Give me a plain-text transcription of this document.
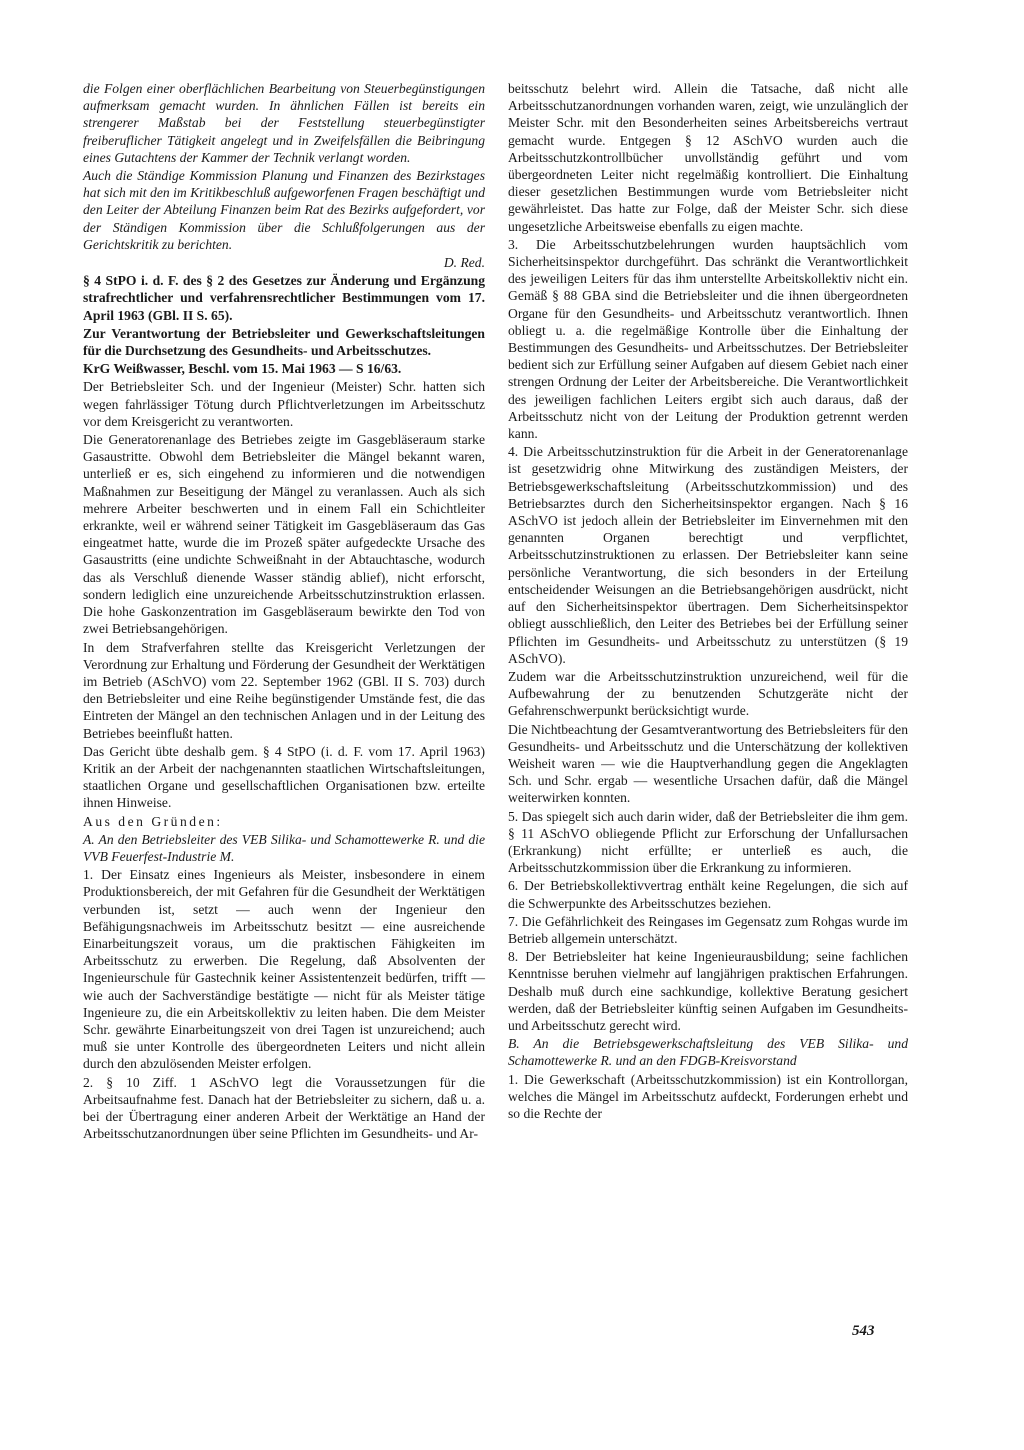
die Folgen einer oberflächlichen Bearbeitung von Steuerbegünstigungen aufmerksam gemacht wurden. In ähnlichen Fällen ist bereits ein strengerer Maßstab bei der Feststellung steuerbegünstigter freiberuflicher Tätigkeit angelegt und in Zweifelsfällen die Beibringung eines Gutachtens der Kammer der Technik verlangt worden.

Auch die Ständige Kommission Planung und Finanzen des Bezirkstages hat sich mit den im Kritikbeschluß aufgeworfenen Fragen beschäftigt und den Leiter der Abteilung Finanzen beim Rat des Bezirks aufgefordert, vor der Ständigen Kommission über die Schlußfolgerungen aus der Gerichtskritik zu berichten.

D. Red.

§ 4 StPO i. d. F. des § 2 des Gesetzes zur Änderung und Ergänzung strafrechtlicher und verfahrensrechtlicher Bestimmungen vom 17. April 1963 (GBl. II S. 65).

Zur Verantwortung der Betriebsleiter und Gewerkschaftsleitungen für die Durchsetzung des Gesundheits- und Arbeitsschutzes.

KrG Weißwasser, Beschl. vom 15. Mai 1963 — S 16/63.

Der Betriebsleiter Sch. und der Ingenieur (Meister) Schr. hatten sich wegen fahrlässiger Tötung durch Pflichtverletzungen im Arbeitsschutz vor dem Kreisgericht zu verantworten.

Die Generatorenanlage des Betriebes zeigte im Gasgebläseraum starke Gasaustritte. Obwohl dem Betriebsleiter die Mängel bekannt waren, unterließ er es, sich eingehend zu informieren und die notwendigen Maßnahmen zur Beseitigung der Mängel zu veranlassen. Auch als sich mehrere Arbeiter beschwerten und in einem Fall ein Schichtleiter erkrankte, weil er während seiner Tätigkeit im Gasgebläseraum das Gas eingeatmet hatte, wurde die im Prozeß später aufgedeckte Ursache des Gasaustritts (eine undichte Schweißnaht in der Abtauchtasche, wodurch das als Verschluß dienende Wasser ständig ablief), nicht erforscht, sondern lediglich eine unzureichende Arbeitsschutzinstruktion erlassen. Die hohe Gaskonzentration im Gasgebläseraum bewirkte den Tod von zwei Betriebsangehörigen.

In dem Strafverfahren stellte das Kreisgericht Verletzungen der Verordnung zur Erhaltung und Förderung der Gesundheit der Werktätigen im Betrieb (ASchVO) vom 22. September 1962 (GBl. II S. 703) durch den Betriebsleiter und eine Reihe begünstigender Umstände fest, die das Eintreten der Mängel an den technischen Anlagen und in der Leitung des Betriebes beeinflußt hatten.

Das Gericht übte deshalb gem. § 4 StPO (i. d. F. vom 17. April 1963) Kritik an der Arbeit der nachgenannten staatlichen Wirtschaftsleitungen, staatlichen Organe und gesellschaftlichen Organisationen bzw. erteilte ihnen Hinweise.

Aus den Gründen:

A. An den Betriebsleiter des VEB Silika- und Schamottewerke R. und die VVB Feuerfest-Industrie M.

1. Der Einsatz eines Ingenieurs als Meister, insbesondere in einem Produktionsbereich, der mit Gefahren für die Gesundheit der Werktätigen verbunden ist, setzt — auch wenn der Ingenieur den Befähigungsnachweis im Arbeitsschutz besitzt — eine ausreichende Einarbeitungszeit voraus, um die praktischen Fähigkeiten im Arbeitsschutz zu erwerben. Die Regelung, daß Absolventen der Ingenieurschule für Gastechnik keiner Assistentenzeit bedürfen, trifft — wie auch der Sachverständige bestätigte — nicht für als Meister tätige Ingenieure zu, die ein Arbeitskollektiv zu leiten haben. Die dem Meister Schr. gewährte Einarbeitungszeit von drei Tagen ist unzureichend; auch muß sie unter Kontrolle des übergeordneten Leiters und nicht allein durch den abzulösenden Meister erfolgen.

2. § 10 Ziff. 1 ASchVO legt die Voraussetzungen für die Arbeitsaufnahme fest. Danach hat der Betriebsleiter zu sichern, daß u. a. bei der Übertragung einer anderen Arbeit der Werktätige an Hand der Arbeitsschutzanordnungen über seine Pflichten im Gesundheits- und Ar-

beitsschutz belehrt wird. Allein die Tatsache, daß nicht alle Arbeitsschutzanordnungen vorhanden waren, zeigt, wie unzulänglich der Meister Schr. mit den Besonderheiten seines Arbeitsbereichs vertraut gemacht wurde. Entgegen § 12 ASchVO wurden auch die Arbeitsschutzkontrollbücher unvollständig geführt und vom übergeordneten Leiter nicht regelmäßig kontrolliert. Die Einhaltung dieser gesetzlichen Bestimmungen wurde vom Betriebsleiter nicht gewährleistet. Das hatte zur Folge, daß der Meister Schr. sich diese ungesetzliche Arbeitsweise ebenfalls zu eigen machte.

3. Die Arbeitsschutzbelehrungen wurden hauptsächlich vom Sicherheitsinspektor durchgeführt. Das schränkt die Verantwortlichkeit des jeweiligen Leiters für das ihm unterstellte Arbeitskollektiv nicht ein. Gemäß § 88 GBA sind die Betriebsleiter und die ihnen übergeordneten Organe für den Gesundheits- und Arbeitsschutz verantwortlich. Ihnen obliegt u. a. die regelmäßige Kontrolle über die Einhaltung der Bestimmungen des Gesundheits- und Arbeitsschutzes. Der Betriebsleiter bedient sich zur Erfüllung seiner Aufgaben auf diesem Gebiet nach einer strengen Ordnung der Leiter der Arbeitsbereiche. Die Verantwortlichkeit des jeweiligen fachlichen Leiters ergibt sich auch daraus, daß der Arbeitsschutz nicht von der Leitung der Produktion getrennt werden kann.

4. Die Arbeitsschutzinstruktion für die Arbeit in der Generatorenanlage ist gesetzwidrig ohne Mitwirkung des zuständigen Meisters, der Betriebsgewerkschaftsleitung (Arbeitsschutzkommission) und des Betriebsarztes durch den Sicherheitsinspektor ergangen. Nach § 16 ASchVO ist jedoch allein der Betriebsleiter im Einvernehmen mit den genannten Organen berechtigt und verpflichtet, Arbeitsschutzinstruktionen zu erlassen. Der Betriebsleiter kann seine persönliche Verantwortung, die sich besonders in der Erteilung entscheidender Weisungen an die Betriebsangehörigen ausdrückt, nicht auf den Sicherheitsinspektor übertragen. Dem Sicherheitsinspektor obliegt ausschließlich, den Leiter des Betriebes bei der Erfüllung seiner Pflichten im Gesundheits- und Arbeitsschutz zu unterstützen (§ 19 ASchVO).

Zudem war die Arbeitsschutzinstruktion unzureichend, weil für die Aufbewahrung der zu benutzenden Schutzgeräte nicht der Gefahrenschwerpunkt berücksichtigt wurde.

Die Nichtbeachtung der Gesamtverantwortung des Betriebsleiters für den Gesundheits- und Arbeitsschutz und die Unterschätzung der kollektiven Weisheit waren — wie die Hauptverhandlung gegen die Angeklagten Sch. und Schr. ergab — wesentliche Ursachen dafür, daß die Mängel weiterwirken konnten.

5. Das spiegelt sich auch darin wider, daß der Betriebsleiter die ihm gem. § 11 ASchVO obliegende Pflicht zur Erforschung der Unfallursachen (Erkrankung) nicht erfüllte; er unterließ es auch, die Arbeitsschutzkommission über die Erkrankung zu informieren.

6. Der Betriebskollektivvertrag enthält keine Regelungen, die sich auf die Schwerpunkte des Arbeitsschutzes beziehen.

7. Die Gefährlichkeit des Reingases im Gegensatz zum Rohgas wurde im Betrieb allgemein unterschätzt.

8. Der Betriebsleiter hat keine Ingenieurausbildung; seine fachlichen Kenntnisse beruhen vielmehr auf langjährigen praktischen Erfahrungen. Deshalb muß durch eine sachkundige, kollektive Beratung gesichert werden, daß der Betriebsleiter künftig seinen Aufgaben im Gesundheits- und Arbeitsschutz gerecht wird.

B. An die Betriebsgewerkschaftsleitung des VEB Silika- und Schamottewerke R. und an den FDGB-Kreisvorstand

1. Die Gewerkschaft (Arbeitsschutzkommission) ist ein Kontrollorgan, welches die Mängel im Arbeitsschutz aufdeckt, Forderungen erhebt und so die Rechte der

543
